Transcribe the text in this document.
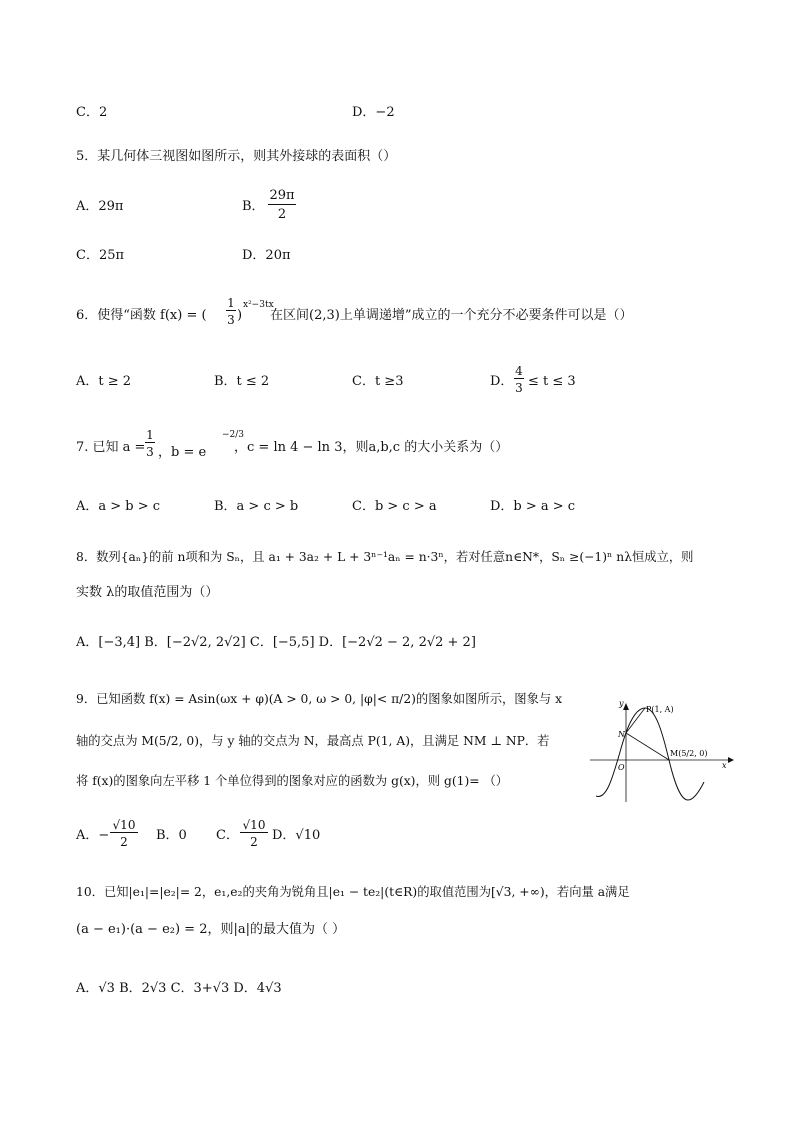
C．2	D．−2
5．某几何体三视图如图所示，则其外接球的表面积（）
A．29π	B．
29π
2
C．25π	D．20π
6．使得“函数 f(x) = (
1
3 )
x²−3tx
在区间(2,3)上单调递增”成立的一个充分不必要条件可以是（）
A．t ≥ 2	B．t ≤ 2	C．t ≥3	D．
4
3 ≤ t ≤ 3
7. 已知 a =
1
3 ，b = e
−2/3
，c = ln 4 − ln 3，则a,b,c 的大小关系为（）
A．a > b > c	B．a > c > b	C．b > c > a	D．b > a > c
8．数列{aₙ}的前 n项和为 Sₙ，且 a₁ + 3a₂ + L + 3ⁿ⁻¹aₙ = n·3ⁿ，若对任意n∈N*，Sₙ ≥(−1)ⁿ nλ恒成立，则
实数 λ的取值范围为（）
A．[−3,4] B．[−2√2, 2√2] C．[−5,5] D．[−2√2 − 2, 2√2 + 2]
9．已知函数 f(x) = Asin(ωx + φ)(A > 0, ω > 0, |φ|< π/2)的图象如图所示，图象与 x
轴的交点为 M(5/2, 0)，与 y 轴的交点为 N，最高点 P(1, A)，且满足 NM ⊥ NP．若
将 f(x)的图象向左平移 1 个单位得到的图象对应的函数为 g(x)，则 g(1)= （）
y
x
P(1, A)
N
O
M(5/2, 0)
A．−
√10
2	B．0 C．
√10
2	D．√10
10．已知|e₁|=|e₂|= 2，e₁,e₂的夹角为锐角且|e₁ − te₂|(t∈R)的取值范围为[√3, +∞)，若向量 a满足
(a − e₁)·(a − e₂) = 2，则|a|的最大值为（ ）
A．√3 B．2√3 C．3+√3 D．4√3
